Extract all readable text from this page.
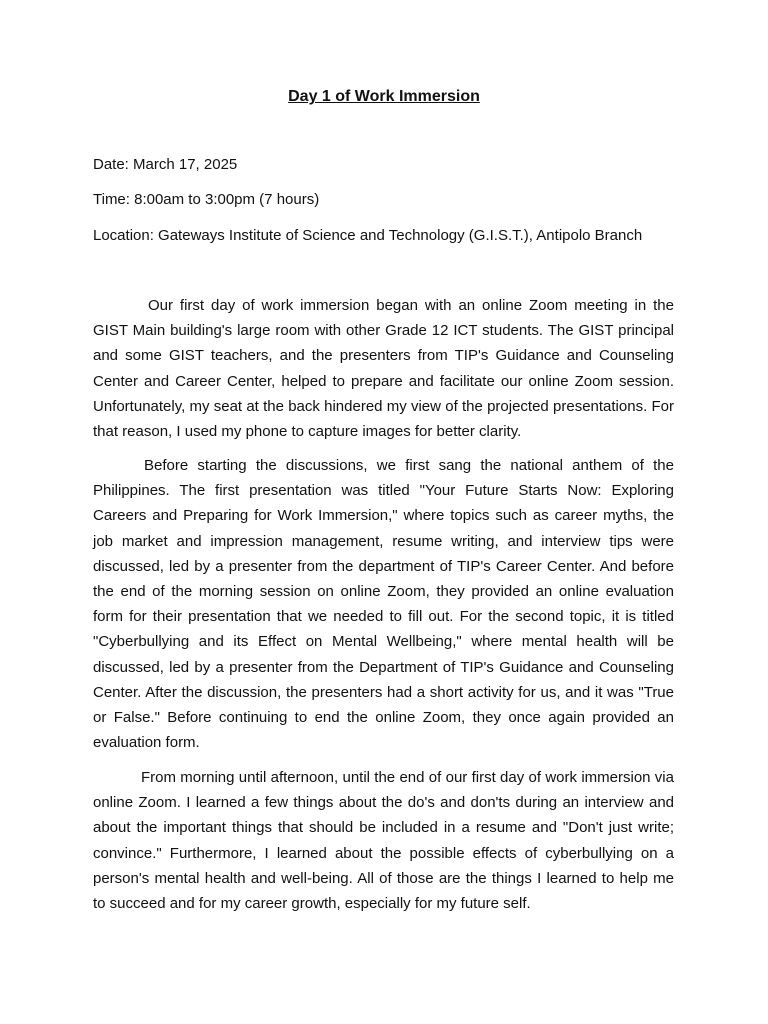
Day 1 of Work Immersion

Date: March 17, 2025

Time: 8:00am to 3:00pm (7 hours)

Location: Gateways Institute of Science and Technology (G.I.S.T.), Antipolo Branch

Our first day of work immersion began with an online Zoom meeting in the GIST Main building's large room with other Grade 12 ICT students. The GIST principal and some GIST teachers, and the presenters from TIP's Guidance and Counseling Center and Career Center, helped to prepare and facilitate our online Zoom session. Unfortunately, my seat at the back hindered my view of the projected presentations. For that reason, I used my phone to capture images for better clarity.

Before starting the discussions, we first sang the national anthem of the Philippines. The first presentation was titled "Your Future Starts Now: Exploring Careers and Preparing for Work Immersion," where topics such as career myths, the job market and impression management, resume writing, and interview tips were discussed, led by a presenter from the department of TIP's Career Center. And before the end of the morning session on online Zoom, they provided an online evaluation form for their presentation that we needed to fill out. For the second topic, it is titled "Cyberbullying and its Effect on Mental Wellbeing," where mental health will be discussed, led by a presenter from the Department of TIP's Guidance and Counseling Center. After the discussion, the presenters had a short activity for us, and it was "True or False." Before continuing to end the online Zoom, they once again provided an evaluation form.

From morning until afternoon, until the end of our first day of work immersion via online Zoom. I learned a few things about the do's and don'ts during an interview and about the important things that should be included in a resume and "Don't just write; convince." Furthermore, I learned about the possible effects of cyberbullying on a person's mental health and well-being. All of those are the things I learned to help me to succeed and for my career growth, especially for my future self.
